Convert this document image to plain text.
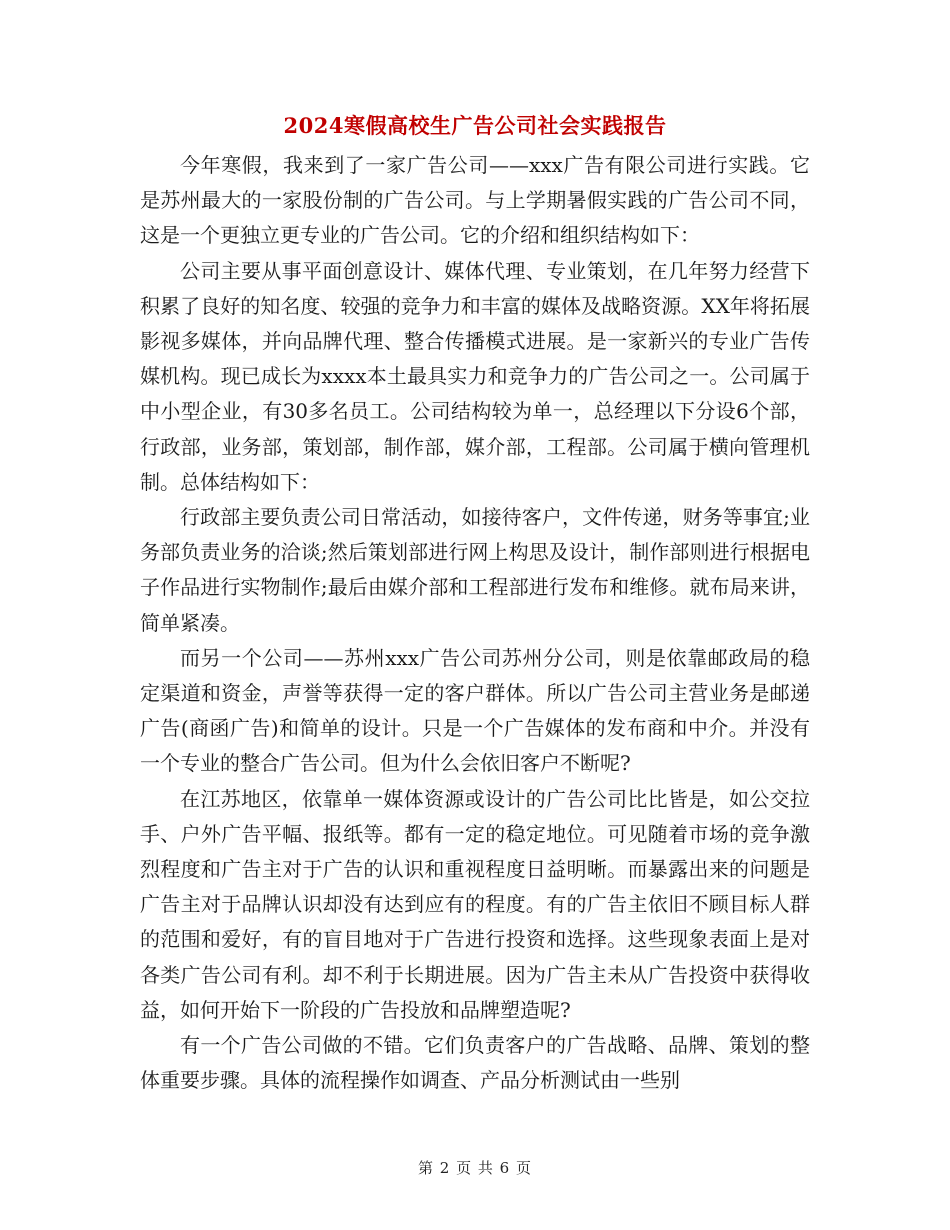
2024寒假高校生广告公司社会实践报告

今年寒假，我来到了一家广告公司——xxx广告有限公司进行实践。它是苏州最大的一家股份制的广告公司。与上学期暑假实践的广告公司不同，这是一个更独立更专业的广告公司。它的介绍和组织结构如下：

公司主要从事平面创意设计、媒体代理、专业策划，在几年努力经营下积累了良好的知名度、较强的竞争力和丰富的媒体及战略资源。XX年将拓展影视多媒体，并向品牌代理、整合传播模式进展。是一家新兴的专业广告传媒机构。现已成长为xxxx本土最具实力和竞争力的广告公司之一。公司属于中小型企业，有30多名员工。公司结构较为单一，总经理以下分设6个部，行政部，业务部，策划部，制作部，媒介部，工程部。公司属于横向管理机制。总体结构如下：

行政部主要负责公司日常活动，如接待客户，文件传递，财务等事宜;业务部负责业务的洽谈;然后策划部进行网上构思及设计，制作部则进行根据电子作品进行实物制作;最后由媒介部和工程部进行发布和维修。就布局来讲，简单紧凑。

而另一个公司——苏州xxx广告公司苏州分公司，则是依靠邮政局的稳定渠道和资金，声誉等获得一定的客户群体。所以广告公司主营业务是邮递广告(商函广告)和简单的设计。只是一个广告媒体的发布商和中介。并没有一个专业的整合广告公司。但为什么会依旧客户不断呢?

在江苏地区，依靠单一媒体资源或设计的广告公司比比皆是，如公交拉手、户外广告平幅、报纸等。都有一定的稳定地位。可见随着市场的竞争激烈程度和广告主对于广告的认识和重视程度日益明晰。而暴露出来的问题是广告主对于品牌认识却没有达到应有的程度。有的广告主依旧不顾目标人群的范围和爱好，有的盲目地对于广告进行投资和选择。这些现象表面上是对各类广告公司有利。却不利于长期进展。因为广告主未从广告投资中获得收益，如何开始下一阶段的广告投放和品牌塑造呢?

有一个广告公司做的不错。它们负责客户的广告战略、品牌、策划的整体重要步骤。具体的流程操作如调查、产品分析测试由一些别

第 2 页 共 6 页
